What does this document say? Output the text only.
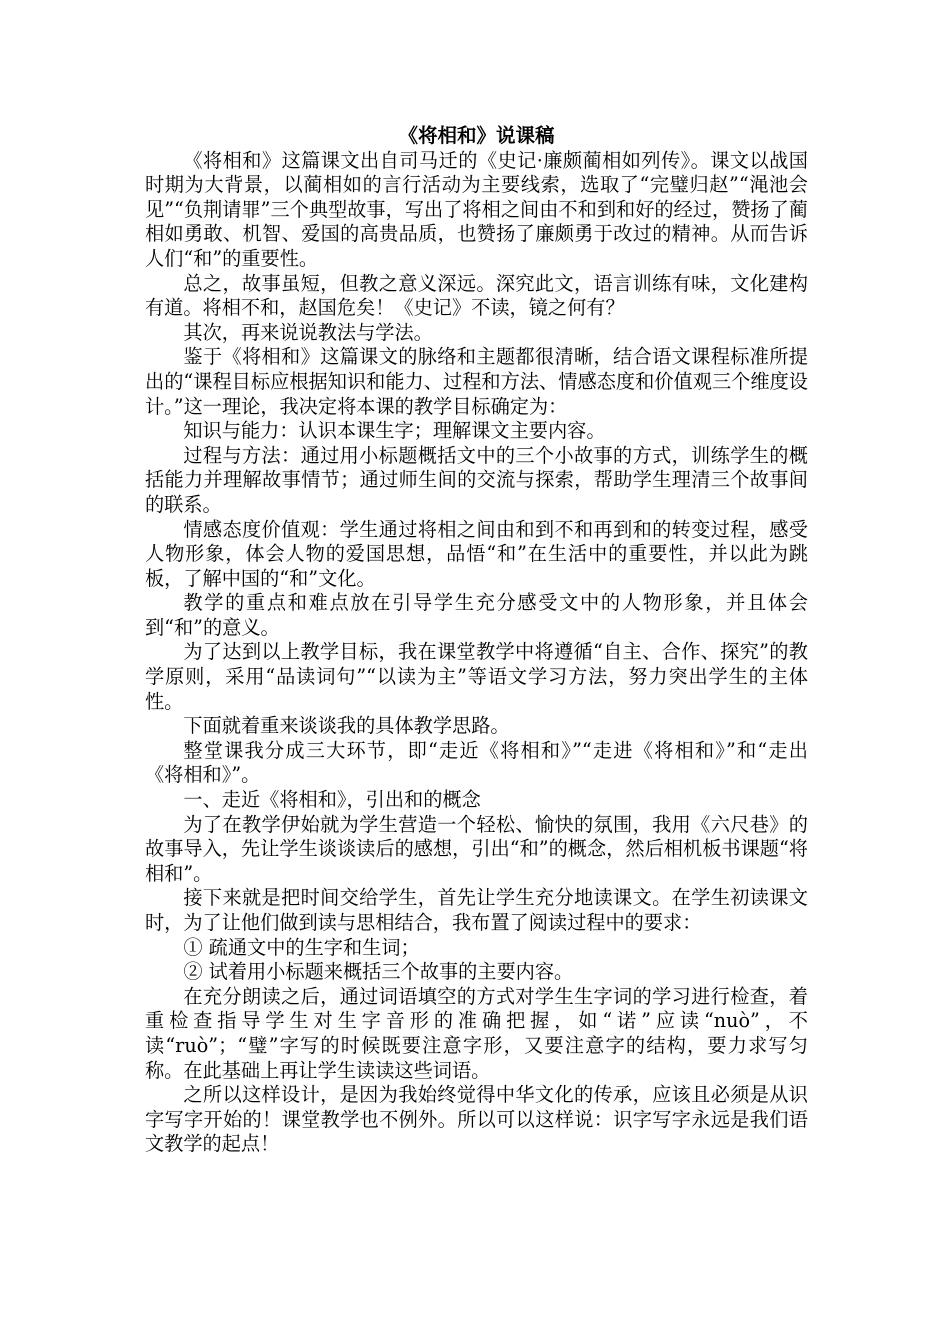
《将相和》说课稿

《将相和》这篇课文出自司马迁的《史记·廉颇蔺相如列传》。课文以战国时期为大背景，以蔺相如的言行活动为主要线索，选取了“完璧归赵”“渑池会见”“负荆请罪”三个典型故事，写出了将相之间由不和到和好的经过，赞扬了蔺相如勇敢、机智、爱国的高贵品质，也赞扬了廉颇勇于改过的精神。从而告诉人们“和”的重要性。

总之，故事虽短，但教之意义深远。深究此文，语言训练有味，文化建构有道。将相不和，赵国危矣！《史记》不读，镜之何有？

其次，再来说说教法与学法。

鉴于《将相和》这篇课文的脉络和主题都很清晰，结合语文课程标准所提出的“课程目标应根据知识和能力、过程和方法、情感态度和价值观三个维度设计。”这一理论，我决定将本课的教学目标确定为：

知识与能力：认识本课生字；理解课文主要内容。

过程与方法：通过用小标题概括文中的三个小故事的方式，训练学生的概括能力并理解故事情节；通过师生间的交流与探索，帮助学生理清三个故事间的联系。

情感态度价值观：学生通过将相之间由和到不和再到和的转变过程，感受人物形象，体会人物的爱国思想，品悟“和”在生活中的重要性，并以此为跳板，了解中国的“和”文化。

教学的重点和难点放在引导学生充分感受文中的人物形象，并且体会到“和”的意义。

为了达到以上教学目标，我在课堂教学中将遵循“自主、合作、探究”的教学原则，采用“品读词句”“以读为主”等语文学习方法，努力突出学生的主体性。

下面就着重来谈谈我的具体教学思路。

整堂课我分成三大环节，即“走近《将相和》”“走进《将相和》”和“走出《将相和》”。

一、走近《将相和》，引出和的概念

为了在教学伊始就为学生营造一个轻松、愉快的氛围，我用《六尺巷》的故事导入，先让学生谈谈读后的感想，引出“和”的概念，然后相机板书课题“将相和”。

接下来就是把时间交给学生，首先让学生充分地读课文。在学生初读课文时，为了让他们做到读与思相结合，我布置了阅读过程中的要求：

① 疏通文中的生字和生词；

② 试着用小标题来概括三个故事的主要内容。

在充分朗读之后，通过词语填空的方式对学生生字词的学习进行检查，着重检查指导学生对生字音形的准确把握，如“诺”应读“nuò”，不读“ruò”；“璧”字写的时候既要注意字形，又要注意字的结构，要力求写匀称。在此基础上再让学生读读这些词语。

之所以这样设计，是因为我始终觉得中华文化的传承，应该且必须是从识字写字开始的！课堂教学也不例外。所以可以这样说：识字写字永远是我们语文教学的起点！
